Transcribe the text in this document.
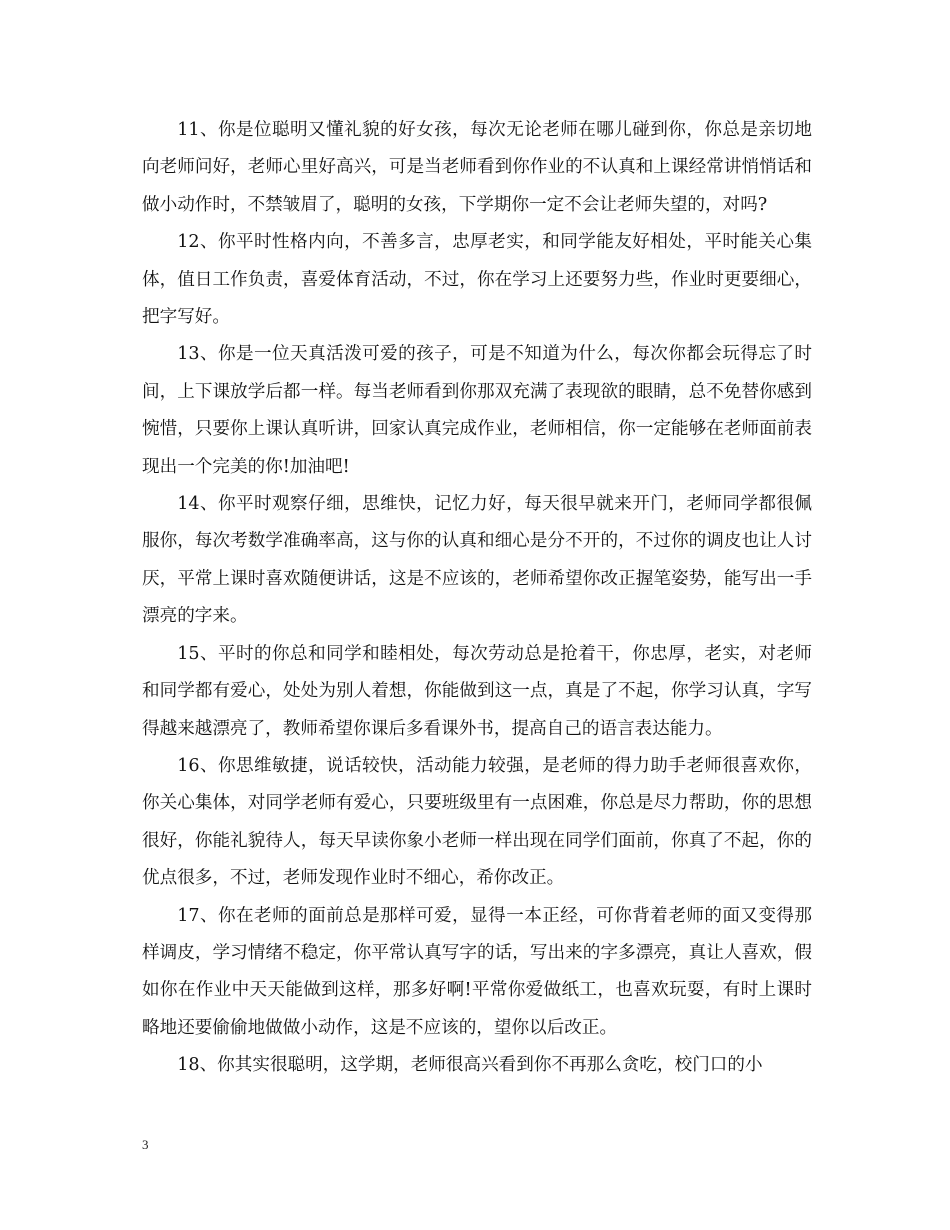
11、你是位聪明又懂礼貌的好女孩，每次无论老师在哪儿碰到你，你总是亲切地向老师问好，老师心里好高兴，可是当老师看到你作业的不认真和上课经常讲悄悄话和做小动作时，不禁皱眉了，聪明的女孩，下学期你一定不会让老师失望的，对吗?

12、你平时性格内向，不善多言，忠厚老实，和同学能友好相处，平时能关心集体，值日工作负责，喜爱体育活动，不过，你在学习上还要努力些，作业时更要细心，把字写好。

13、你是一位天真活泼可爱的孩子，可是不知道为什么，每次你都会玩得忘了时间，上下课放学后都一样。每当老师看到你那双充满了表现欲的眼睛，总不免替你感到惋惜，只要你上课认真听讲，回家认真完成作业，老师相信，你一定能够在老师面前表现出一个完美的你!加油吧!

14、你平时观察仔细，思维快，记忆力好，每天很早就来开门，老师同学都很佩服你，每次考数学准确率高，这与你的认真和细心是分不开的，不过你的调皮也让人讨厌，平常上课时喜欢随便讲话，这是不应该的，老师希望你改正握笔姿势，能写出一手漂亮的字来。

15、平时的你总和同学和睦相处，每次劳动总是抢着干，你忠厚，老实，对老师和同学都有爱心，处处为别人着想，你能做到这一点，真是了不起，你学习认真，字写得越来越漂亮了，教师希望你课后多看课外书，提高自己的语言表达能力。

16、你思维敏捷，说话较快，活动能力较强，是老师的得力助手老师很喜欢你，你关心集体，对同学老师有爱心，只要班级里有一点困难，你总是尽力帮助，你的思想很好，你能礼貌待人，每天早读你象小老师一样出现在同学们面前，你真了不起，你的优点很多，不过，老师发现作业时不细心，希你改正。

17、你在老师的面前总是那样可爱，显得一本正经，可你背着老师的面又变得那样调皮，学习情绪不稳定，你平常认真写字的话，写出来的字多漂亮，真让人喜欢，假如你在作业中天天能做到这样，那多好啊!平常你爱做纸工，也喜欢玩耍，有时上课时略地还要偷偷地做做小动作，这是不应该的，望你以后改正。

18、你其实很聪明，这学期，老师很高兴看到你不再那么贪吃，校门口的小

3
